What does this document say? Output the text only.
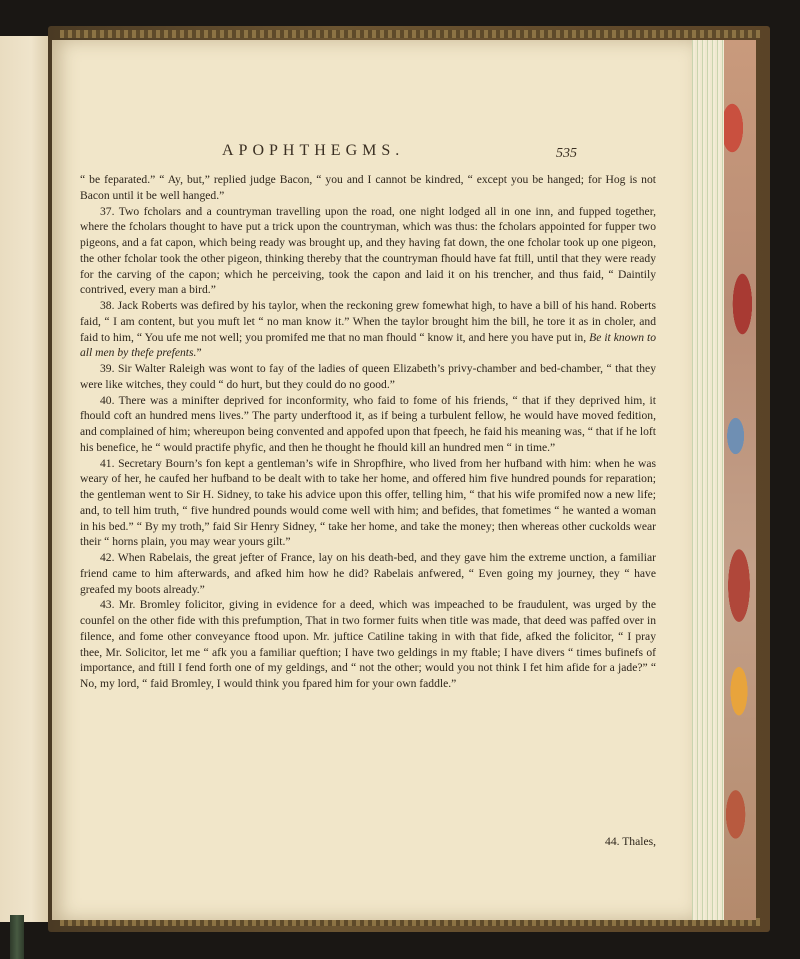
APOPHTHEGMS.	535

“ be feparated.” “ Ay, but,” replied judge Bacon, “ you and I cannot be kindred, “ except you be hanged; for Hog is not Bacon until it be well hanged.”

37. Two fcholars and a countryman travelling upon the road, one night lodged all in one inn, and fupped together, where the fcholars thought to have put a trick upon the countryman, which was thus: the fcholars appointed for fupper two pigeons, and a fat capon, which being ready was brought up, and they having fat down, the one fcholar took up one pigeon, the other fcholar took the other pigeon, thinking thereby that the countryman fhould have fat ftill, until that they were ready for the carving of the capon; which he perceiving, took the capon and laid it on his trencher, and thus faid, “ Daintily contrived, every man a bird.”

38. Jack Roberts was defired by his taylor, when the reckoning grew fomewhat high, to have a bill of his hand. Roberts faid, “ I am content, but you muft let “ no man know it.” When the taylor brought him the bill, he tore it as in choler, and faid to him, “ You ufe me not well; you promifed me that no man fhould “ know it, and here you have put in, Be it known to all men by thefe prefents.”

39. Sir Walter Raleigh was wont to fay of the ladies of queen Elizabeth’s privy-chamber and bed-chamber, “ that they were like witches, they could “ do hurt, but they could do no good.”

40. There was a minifter deprived for inconformity, who faid to fome of his friends, “ that if they deprived him, it fhould coft an hundred mens lives.” The party underftood it, as if being a turbulent fellow, he would have moved fedition, and complained of him; whereupon being convented and appofed upon that fpeech, he faid his meaning was, “ that if he loft his benefice, he “ would practife phyfic, and then he thought he fhould kill an hundred men “ in time.”

41. Secretary Bourn’s fon kept a gentleman’s wife in Shropfhire, who lived from her hufband with him: when he was weary of her, he caufed her hufband to be dealt with to take her home, and offered him five hundred pounds for reparation; the gentleman went to Sir H. Sidney, to take his advice upon this offer, telling him, “ that his wife promifed now a new life; and, to tell him truth, “ five hundred pounds would come well with him; and befides, that fometimes “ he wanted a woman in his bed.” “ By my troth,” faid Sir Henry Sidney, “ take her home, and take the money; then whereas other cuckolds wear their “ horns plain, you may wear yours gilt.”

42. When Rabelais, the great jefter of France, lay on his death-bed, and they gave him the extreme unction, a familiar friend came to him afterwards, and afked him how he did? Rabelais anfwered, “ Even going my journey, they “ have greafed my boots already.”

43. Mr. Bromley folicitor, giving in evidence for a deed, which was impeached to be fraudulent, was urged by the counfel on the other fide with this prefumption, That in two former fuits when title was made, that deed was paffed over in filence, and fome other conveyance ftood upon. Mr. juftice Catiline taking in with that fide, afked the folicitor, “ I pray thee, Mr. Solicitor, let me “ afk you a familiar queftion; I have two geldings in my ftable; I have divers “ times bufinefs of importance, and ftill I fend forth one of my geldings, and “ not the other; would you not think I fet him afide for a jade?” “ No, my lord, “ faid Bromley, I would think you fpared him for your own faddle.”

44. Thales,
